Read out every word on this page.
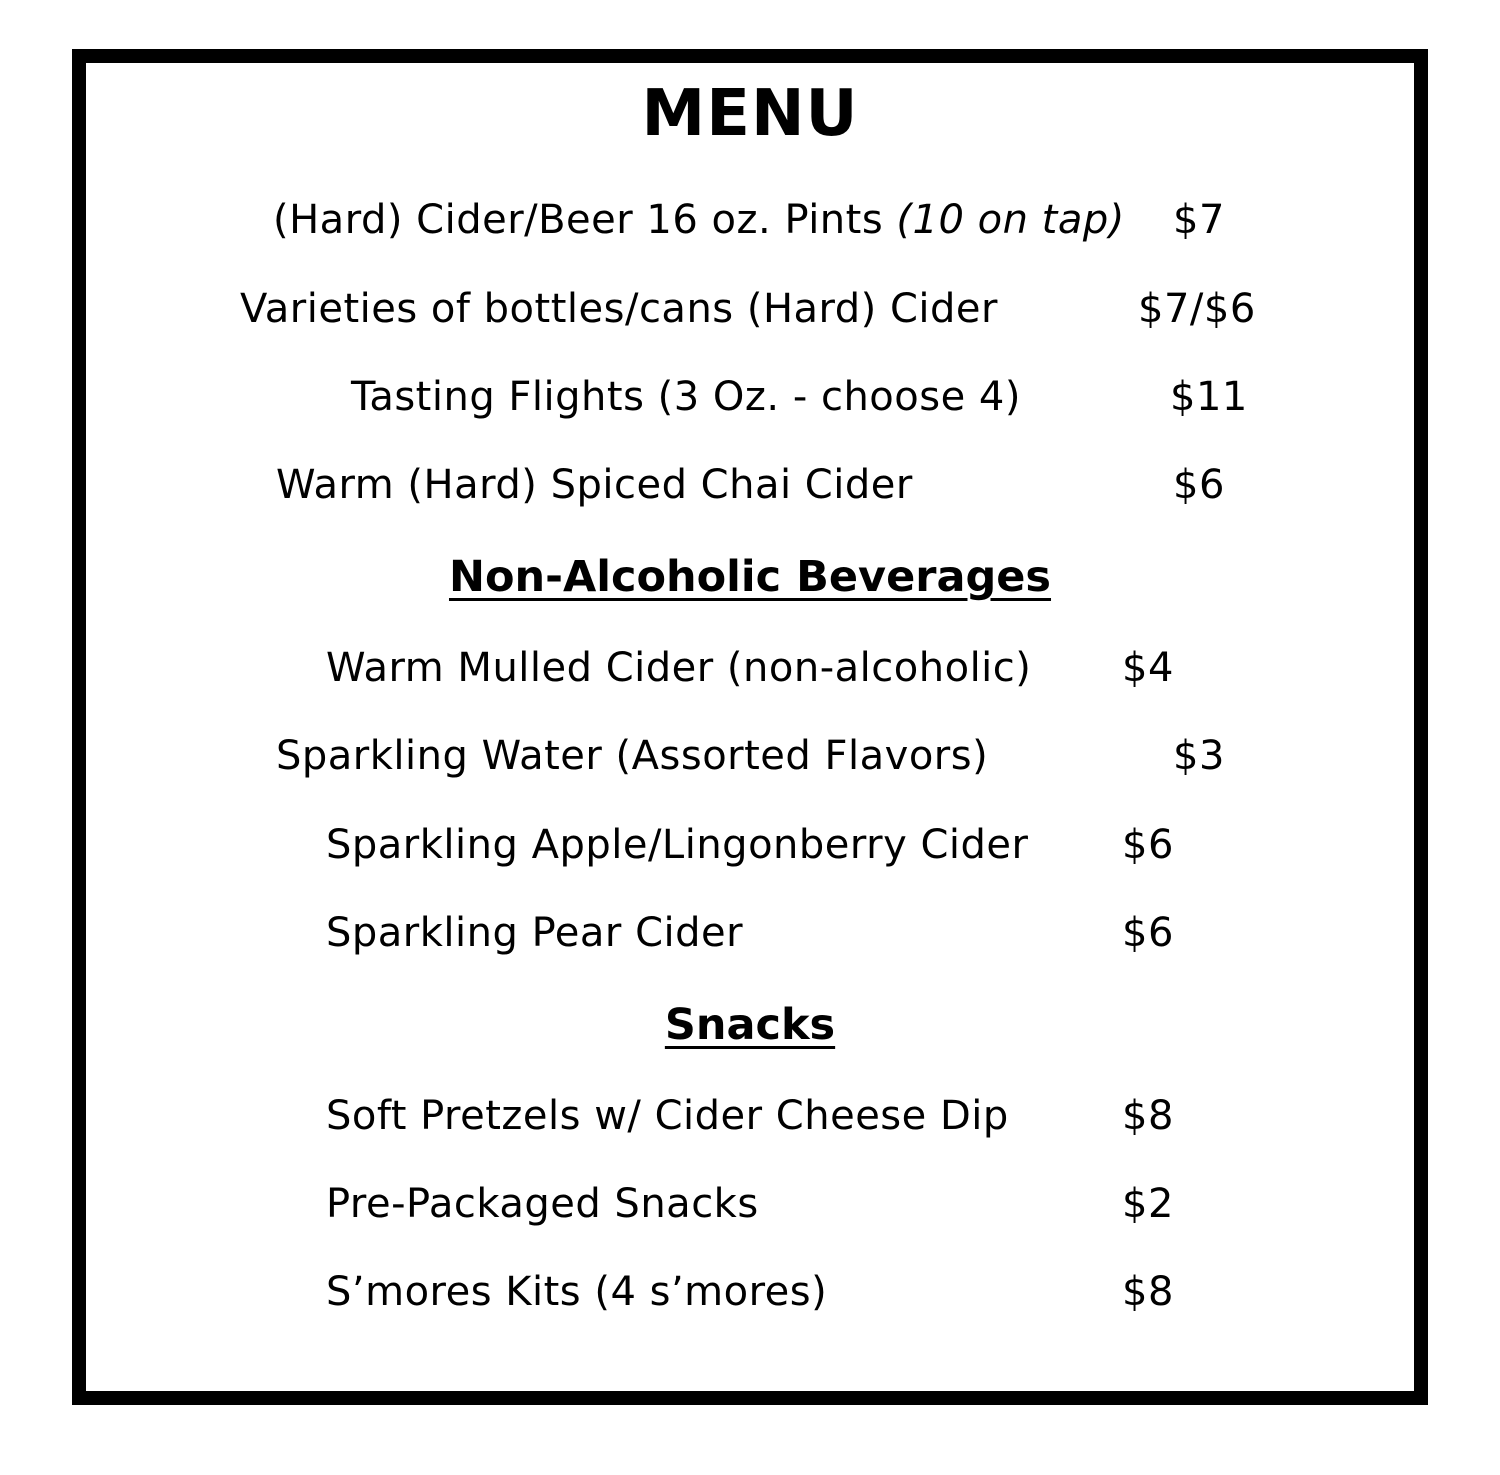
MENU
(Hard) Cider/Beer 16 oz. Pints (10 on tap) $7
Varieties of bottles/cans (Hard) Cider	$7/$6
Tasting Flights (3 Oz. - choose 4)	$11
Warm (Hard) Spiced Chai Cider	$6
Non-Alcoholic Beverages
Warm Mulled Cider (non-alcoholic) $4
Sparkling Water (Assorted Flavors)	$3
Sparkling Apple/Lingonberry Cider $6
Sparkling Pear Cider	$6
Snacks
Soft Pretzels w/ Cider Cheese Dip	$8
Pre-Packaged Snacks	$2
S’mores Kits (4 s’mores)	$8
